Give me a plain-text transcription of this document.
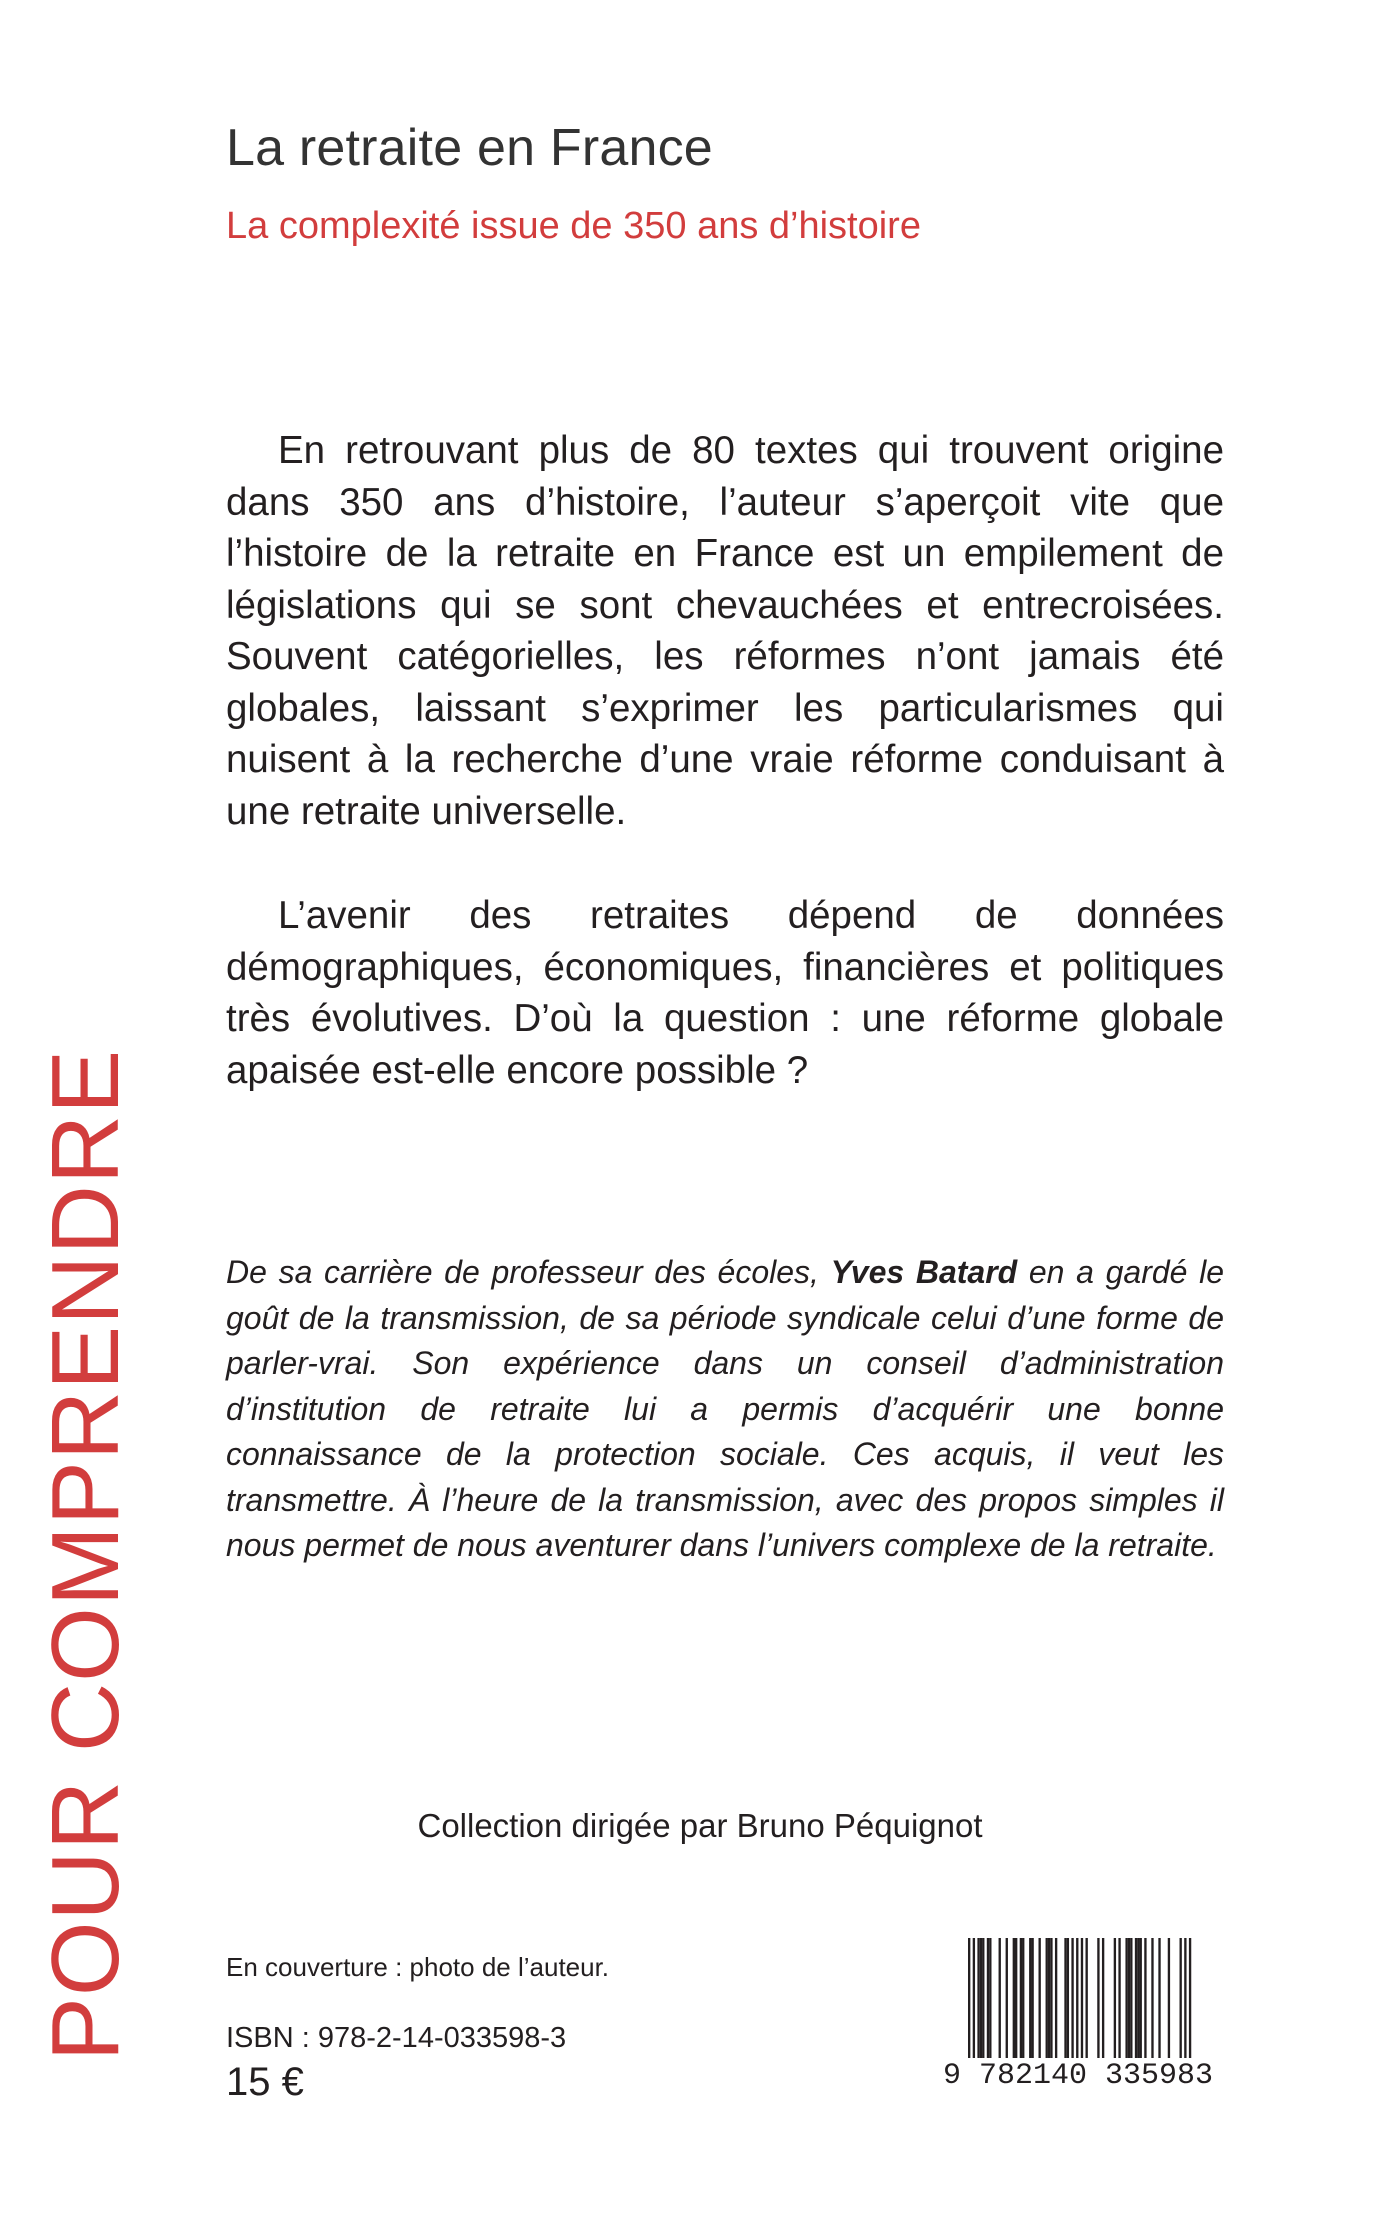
La retraite en France
La complexité issue de 350 ans d’histoire

En retrouvant plus de 80 textes qui trouvent origine dans 350 ans d’histoire, l’auteur s’aperçoit vite que l’histoire de la retraite en France est un empilement de législations qui se sont chevauchées et entrecroisées. Souvent catégorielles, les réformes n’ont jamais été globales, laissant s’exprimer les particularismes qui nuisent à la recherche d’une vraie réforme conduisant à une retraite universelle.

L’avenir des retraites dépend de données démographiques, économiques, financières et politiques très évolutives. D’où la question : une réforme globale apaisée est-elle encore possible ?

De sa carrière de professeur des écoles, Yves Batard en a gardé le goût de la transmission, de sa période syndicale celui d’une forme de parler-vrai. Son expérience dans un conseil d’administration d’institution de retraite lui a permis d’acquérir une bonne connaissance de la protection sociale. Ces acquis, il veut les transmettre. À l’heure de la transmission, avec des propos simples il nous permet de nous aventurer dans l’univers complexe de la retraite.
POUR COMPRENDRE	Collection dirigée par Bruno Péquignot
En couverture : photo de l’auteur.
ISBN : 978-2-14-033598-3
15 €	9 782140 335983
